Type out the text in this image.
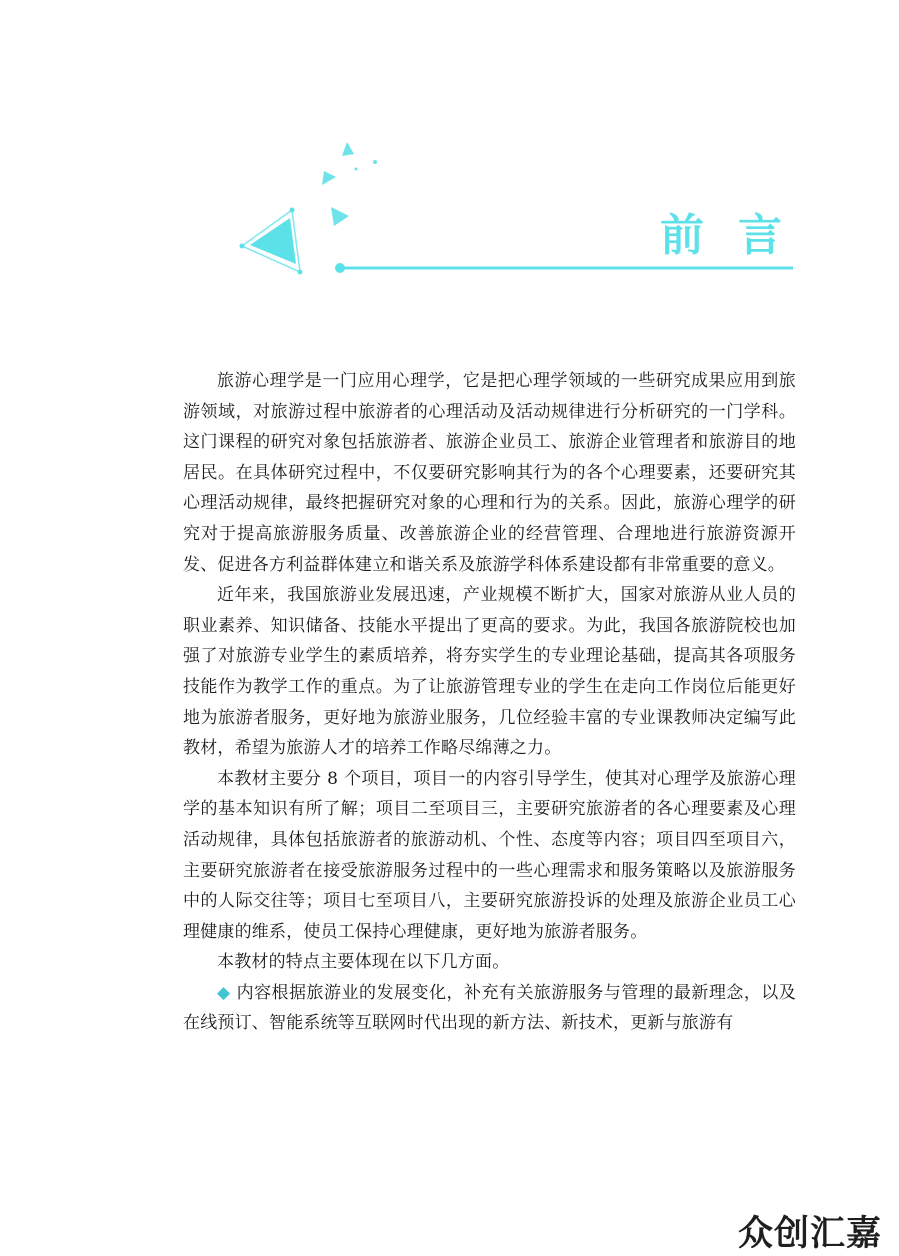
前言

旅游心理学是一门应用心理学，它是把心理学领域的一些研究成果应用到旅游领域，对旅游过程中旅游者的心理活动及活动规律进行分析研究的一门学科。这门课程的研究对象包括旅游者、旅游企业员工、旅游企业管理者和旅游目的地居民。在具体研究过程中，不仅要研究影响其行为的各个心理要素，还要研究其心理活动规律，最终把握研究对象的心理和行为的关系。因此，旅游心理学的研究对于提高旅游服务质量、改善旅游企业的经营管理、合理地进行旅游资源开发、促进各方利益群体建立和谐关系及旅游学科体系建设都有非常重要的意义。

近年来，我国旅游业发展迅速，产业规模不断扩大，国家对旅游从业人员的职业素养、知识储备、技能水平提出了更高的要求。为此，我国各旅游院校也加强了对旅游专业学生的素质培养，将夯实学生的专业理论基础，提高其各项服务技能作为教学工作的重点。为了让旅游管理专业的学生在走向工作岗位后能更好地为旅游者服务，更好地为旅游业服务，几位经验丰富的专业课教师决定编写此教材，希望为旅游人才的培养工作略尽绵薄之力。

本教材主要分 8 个项目，项目一的内容引导学生，使其对心理学及旅游心理学的基本知识有所了解；项目二至项目三，主要研究旅游者的各心理要素及心理活动规律，具体包括旅游者的旅游动机、个性、态度等内容；项目四至项目六，主要研究旅游者在接受旅游服务过程中的一些心理需求和服务策略以及旅游服务中的人际交往等；项目七至项目八，主要研究旅游投诉的处理及旅游企业员工心理健康的维系，使员工保持心理健康，更好地为旅游者服务。

本教材的特点主要体现在以下几方面。

◆ 内容根据旅游业的发展变化，补充有关旅游服务与管理的最新理念，以及在线预订、智能系统等互联网时代出现的新方法、新技术，更新与旅游有

众创汇嘉
